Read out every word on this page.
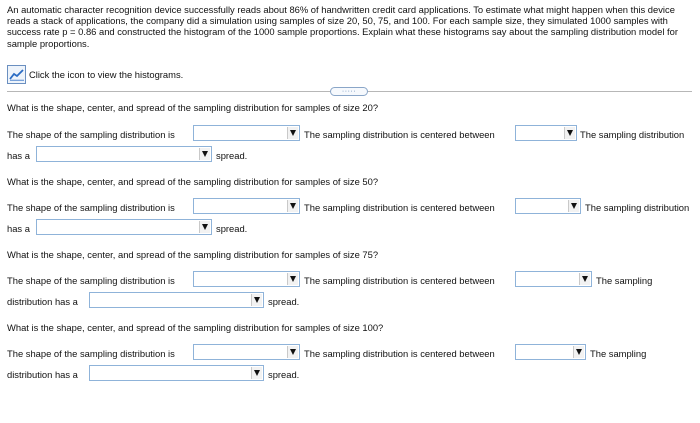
An automatic character recognition device successfully reads about 86% of handwritten credit card applications. To estimate what might happen when this device reads a stack of applications, the company did a simulation using samples of size 20, 50, 75, and 100. For each sample size, they simulated 1000 samples with success rate p = 0.86 and constructed the histogram of the 1000 sample proportions. Explain what these histograms say about the sampling distribution model for sample proportions.
Click the icon to view the histograms.
·····
What is the shape, center, and spread of the sampling distribution for samples of size 20?
The shape of the sampling distribution is	The sampling distribution is centered between	The sampling distribution
has a	spread.
What is the shape, center, and spread of the sampling distribution for samples of size 50?
The shape of the sampling distribution is	The sampling distribution is centered between	The sampling distribution
has a	spread.
What is the shape, center, and spread of the sampling distribution for samples of size 75?
The shape of the sampling distribution is	The sampling distribution is centered between	The sampling
distribution has a	spread.
What is the shape, center, and spread of the sampling distribution for samples of size 100?
The shape of the sampling distribution is	The sampling distribution is centered between	The sampling
distribution has a	spread.
